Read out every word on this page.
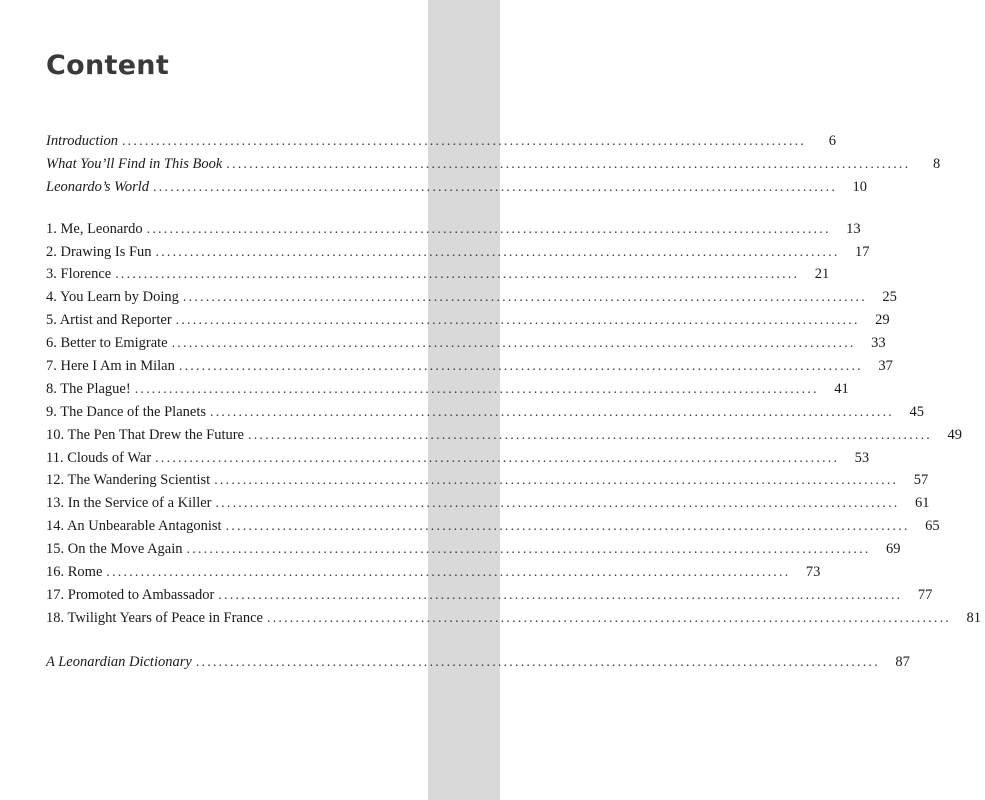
Content
Introduction ........................................................................................................................	6
What You’ll Find in This Book ........................................................................................................................	8
Leonardo’s World ........................................................................................................................	10
1. Me, Leonardo ........................................................................................................................	13
2. Drawing Is Fun ........................................................................................................................	17
3. Florence ........................................................................................................................	21
4. You Learn by Doing ........................................................................................................................	25
5. Artist and Reporter ........................................................................................................................	29
6. Better to Emigrate ........................................................................................................................	33
7. Here I Am in Milan ........................................................................................................................	37
8. The Plague! ........................................................................................................................	41
9. The Dance of the Planets ........................................................................................................................	45
10. The Pen That Drew the Future ........................................................................................................................	49
11. Clouds of War ........................................................................................................................	53
12. The Wandering Scientist ........................................................................................................................	57
13. In the Service of a Killer ........................................................................................................................	61
14. An Unbearable Antagonist ........................................................................................................................	65
15. On the Move Again ........................................................................................................................	69
16. Rome ........................................................................................................................	73
17. Promoted to Ambassador ........................................................................................................................	77
18. Twilight Years of Peace in France ........................................................................................................................	81
A Leonardian Dictionary ........................................................................................................................	87
